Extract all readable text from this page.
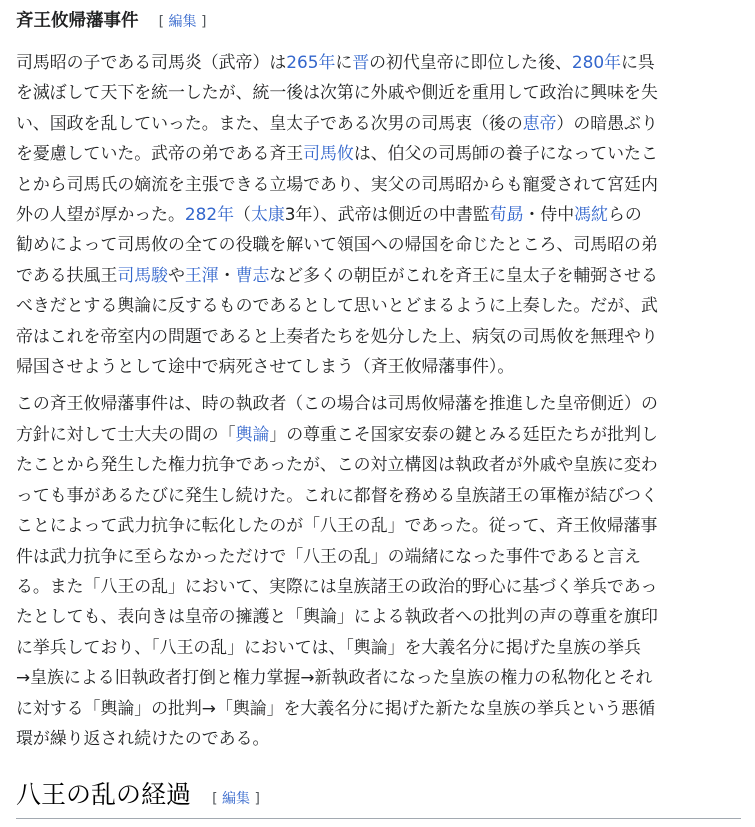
斉王攸帰藩事件 [ 編集 ]

司馬昭の子である司馬炎（武帝）は265年に晋の初代皇帝に即位した後、280年に呉
を滅ぼして天下を統一したが、統一後は次第に外戚や側近を重用して政治に興味を失
い、国政を乱していった。また、皇太子である次男の司馬衷（後の恵帝）の暗愚ぶり
を憂慮していた。武帝の弟である斉王司馬攸は、伯父の司馬師の養子になっていたこ
とから司馬氏の嫡流を主張できる立場であり、実父の司馬昭からも寵愛されて宮廷内
外の人望が厚かった。282年（太康3年）、武帝は側近の中書監荀勗・侍中馮紞らの
勧めによって司馬攸の全ての役職を解いて領国への帰国を命じたところ、司馬昭の弟
である扶風王司馬駿や王渾・曹志など多くの朝臣がこれを斉王に皇太子を輔弼させる
べきだとする輿論に反するものであるとして思いとどまるように上奏した。だが、武
帝はこれを帝室内の問題であると上奏者たちを処分した上、病気の司馬攸を無理やり
帰国させようとして途中で病死させてしまう（斉王攸帰藩事件）。

この斉王攸帰藩事件は、時の執政者（この場合は司馬攸帰藩を推進した皇帝側近）の
方針に対して士大夫の間の「輿論」の尊重こそ国家安泰の鍵とみる廷臣たちが批判し
たことから発生した権力抗争であったが、この対立構図は執政者が外戚や皇族に変わ
っても事があるたびに発生し続けた。これに都督を務める皇族諸王の軍権が結びつく
ことによって武力抗争に転化したのが「八王の乱」であった。従って、斉王攸帰藩事
件は武力抗争に至らなかっただけで「八王の乱」の端緒になった事件であると言え
る。また「八王の乱」において、実際には皇族諸王の政治的野心に基づく挙兵であっ
たとしても、表向きは皇帝の擁護と「輿論」による執政者への批判の声の尊重を旗印
に挙兵しており、「八王の乱」においては、「輿論」を大義名分に掲げた皇族の挙兵
→皇族による旧執政者打倒と権力掌握→新執政者になった皇族の権力の私物化とそれ
に対する「輿論」の批判→「輿論」を大義名分に掲げた新たな皇族の挙兵という悪循
環が繰り返され続けたのである。

八王の乱の経過 [ 編集 ]
